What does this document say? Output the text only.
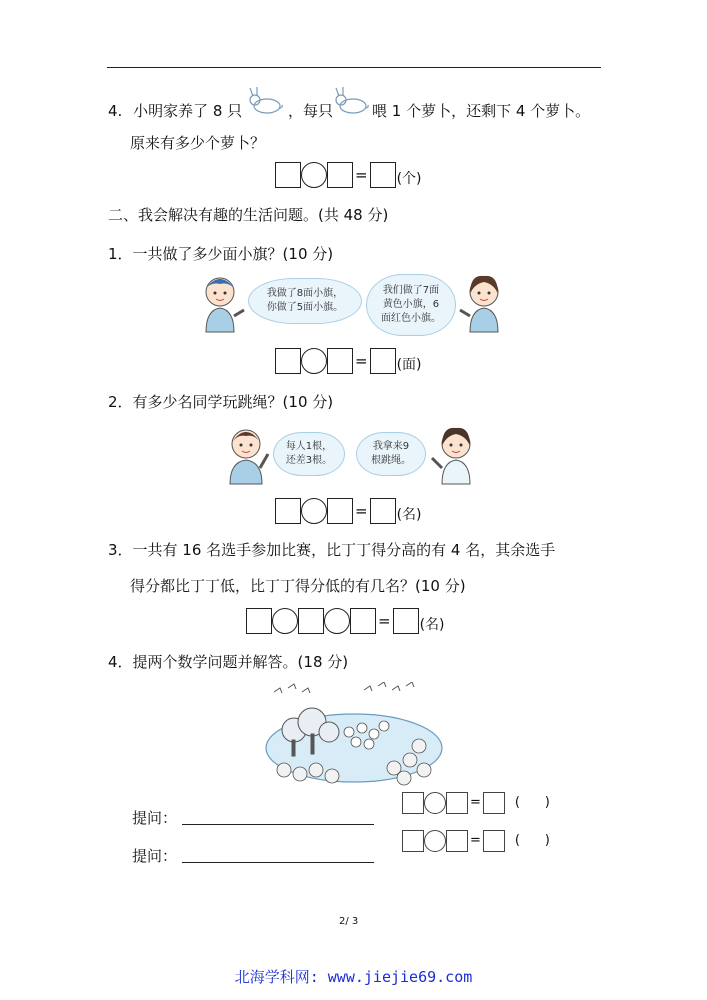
4. 小明家养了 8 只	，每只	喂 1 个萝卜，还剩下 4 个萝卜。
原来有多少个萝卜？
= (个)
二、我会解决有趣的生活问题。(共 48 分)
1．一共做了多少面小旗？(10 分)
我做了8面小旗，
你做了5面小旗。
我们做了7面
黄色小旗，6
面红色小旗。
= (面)
2．有多少名同学玩跳绳？(10 分)
每人1根，
还差3根。
我拿来9
根跳绳。
= (名)
3．一共有 16 名选手参加比赛，比丁丁得分高的有 4 名，其余选手
得分都比丁丁低，比丁丁得分低的有几名？(10 分)
= (名)
4．提两个数学问题并解答。(18 分)
提问：
提问：
=	(      )
=	(      )
2/ 3
北海学科网: www.jiejie69.com
